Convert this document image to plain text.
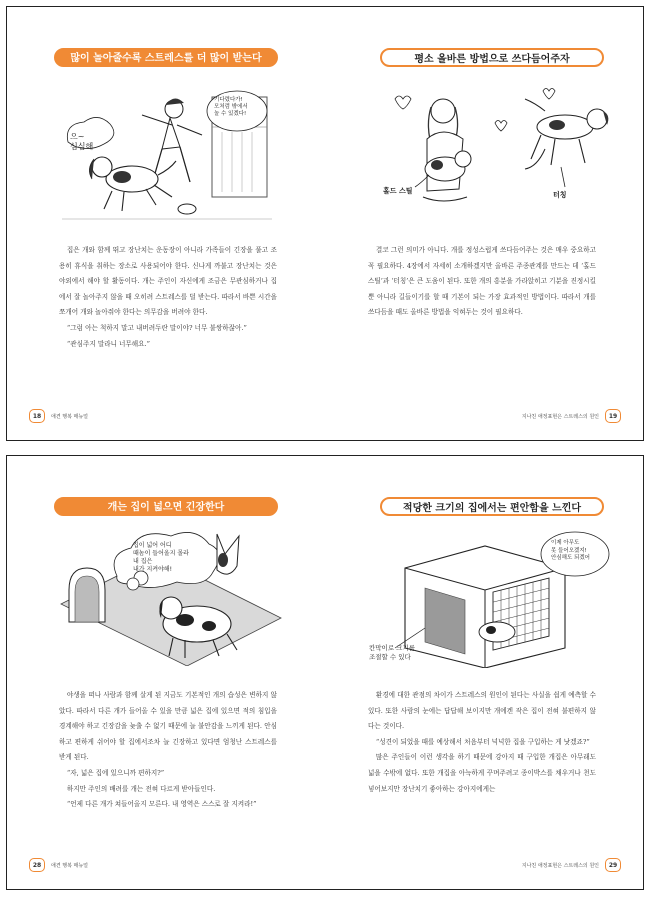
많이 놀아줄수록 스트레스를 더 많이 받는다
으~
심심해
기다렸다가!
모처럼 밖에서
놀 수 있겠다!

집은 개와 함께 뛰고 장난치는 운동장이 아니라 가족들이 긴장을 풀고 조용히 휴식을 취하는 장소로 사용되어야 한다. 신나게 까불고 장난치는 것은 야외에서 해야 할 활동이다. 개는 주인이 자신에게 조금은 무관심하거나 집에서 잘 놀아주지 않을 때 오히려 스트레스를 덜 받는다. 따라서 바쁜 시간을 쪼개어 개와 놀아줘야 한다는 의무감을 버려야 한다.

“그럼 아는 척하지 말고 내버려두란 말이야? 너무 불쌍하잖아.”

“관심주지 말라니 너무해요.”

18	애견 행복 매뉴얼
평소 올바른 방법으로 쓰다듬어주자
홀드 스틸	터칭

결코 그런 의미가 아니다. 개를 정성스럽게 쓰다듬어주는 것은 매우 중요하고 꼭 필요하다. 4장에서 자세히 소개하겠지만 올바른 주종관계를 만드는 데 ‘홀드 스틸’과 ‘터칭’은 큰 도움이 된다. 또한 개의 흥분을 가라앉히고 기분을 진정시킬 뿐 아니라 길들이기를 할 때 기본이 되는 가장 효과적인 방법이다. 따라서 개를 쓰다듬을 때도 올바른 방법을 익혀두는 것이 필요하다.

지나친 애정표현은 스트레스의 원인	19
개는 집이 넓으면 긴장한다
집이 넓어 어디
때놈이 들어올지 몰라
내 집은
내가 지켜야해!

야생을 떠나 사람과 함께 살게 된 지금도 기본적인 개의 습성은 변하지 않았다. 따라서 다른 개가 들어올 수 있을 만큼 넓은 집에 있으면 적의 침입을 경계해야 하고 긴장감을 늦출 수 없기 때문에 늘 불안감을 느끼게 된다. 안심하고 편하게 쉬어야 할 집에서조차 늘 긴장하고 있다면 엄청난 스트레스를 받게 된다.

“자, 넓은 집에 있으니까 편하지?”

하지만 주인의 배려를 개는 전혀 다르게 받아들인다.

“언제 다른 개가 쳐들어올지 모른다. 내 영역은 스스로 잘 지켜라!”

28	애견 행복 매뉴얼
적당한 크기의 집에서는 편안함을 느낀다
이제 아무도
못 들어오겠지!
안심해도 되겠어
칸막이로 크기를
조절할 수 있다

환경에 대한 관점의 차이가 스트레스의 원인이 된다는 사실을 쉽게 예측할 수 있다. 또한 사람의 눈에는 답답해 보이지만 개에겐 작은 집이 전혀 불편하지 않다는 것이다.

“성견이 되었을 때를 예상해서 처음부터 넉넉한 집을 구입하는 게 낫겠죠?”

많은 주인들이 이런 생각을 하기 때문에 강아지 때 구입한 개집은 아무래도 넓을 수밖에 없다. 또한 개집을 아늑하게 꾸며주려고 종이박스를 채우거나 천도 넣어보지만 장난치기 좋아하는 강아지에게는

지나친 애정표현은 스트레스의 원인	29
